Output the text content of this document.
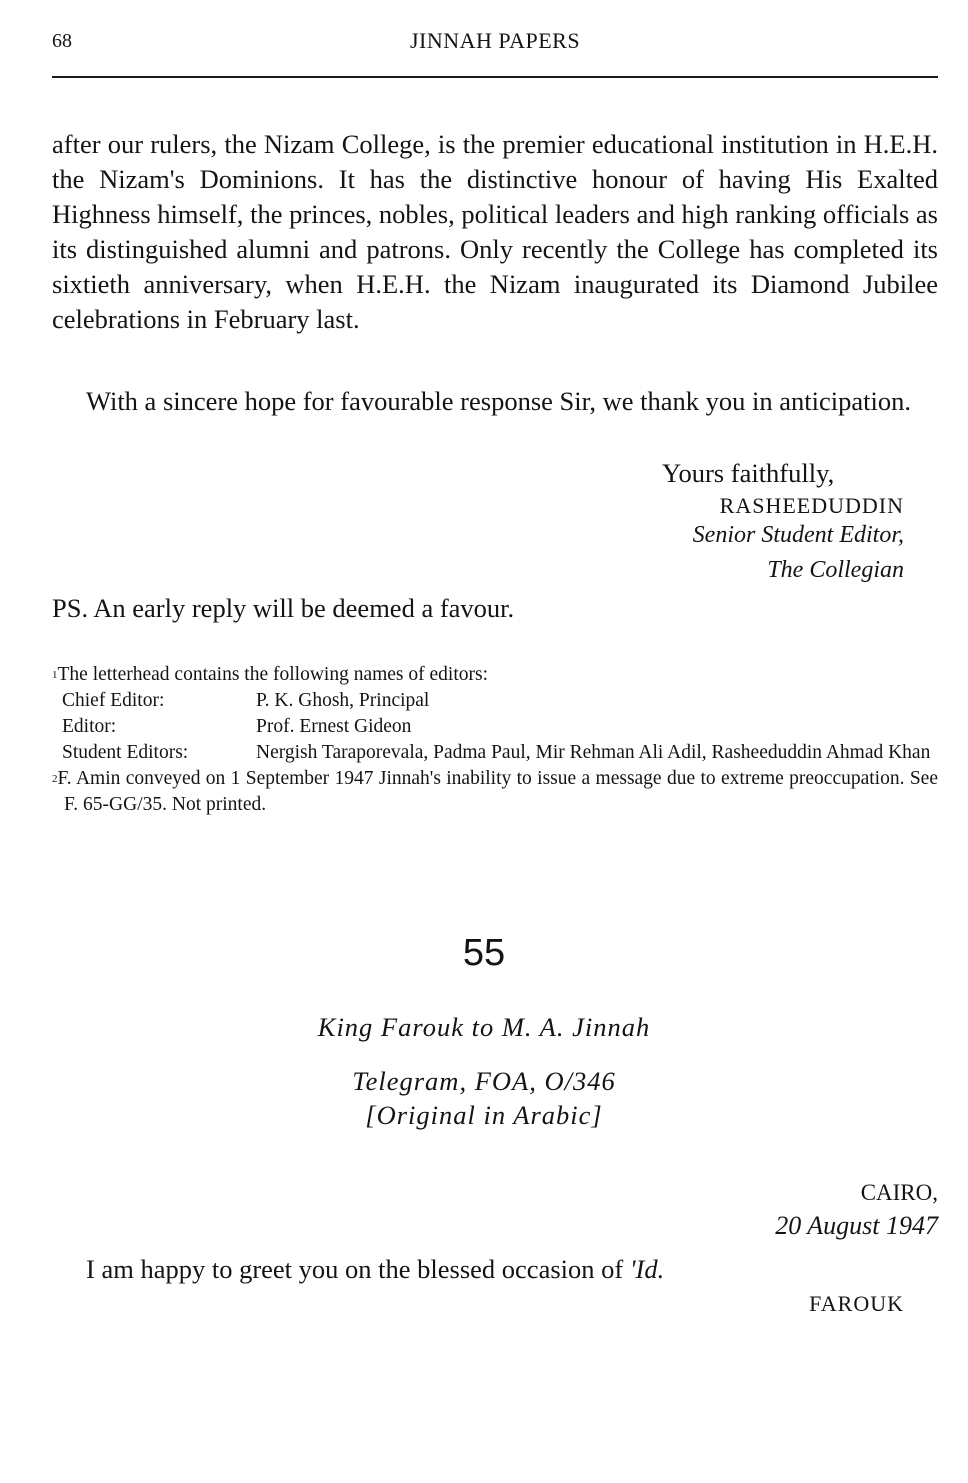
68	JINNAH PAPERS

after our rulers, the Nizam College, is the premier educational institution in H.E.H. the Nizam's Dominions. It has the distinctive honour of having His Exalted Highness himself, the princes, nobles, political leaders and high ranking officials as its distinguished alumni and patrons. Only recently the College has completed its sixtieth anniversary, when H.E.H. the Nizam inaugurated its Diamond Jubilee celebrations in February last.

With a sincere hope for favourable response Sir, we thank you in anticipation.

Yours faithfully,
RASHEEDUDDIN
Senior Student Editor,
The Collegian
PS. An early reply will be deemed a favour.

$^1$The letterhead contains the following names of editors:

Chief Editor:	P. K. Ghosh, Principal
Editor:	Prof. Ernest Gideon
Student Editors:	Nergish Taraporevala, Padma Paul, Mir Rehman Ali Adil, Rasheeduddin Ahmad Khan

$^2$F. Amin conveyed on 1 September 1947 Jinnah's inability to issue a message due to extreme preoccupation. See F. 65-GG/35. Not printed.

55
King Farouk to M. A. Jinnah
Telegram, FOA, O/346
[Original in Arabic]
CAIRO,
20 August 1947
I am happy to greet you on the blessed occasion of 'Id.
FAROUK
